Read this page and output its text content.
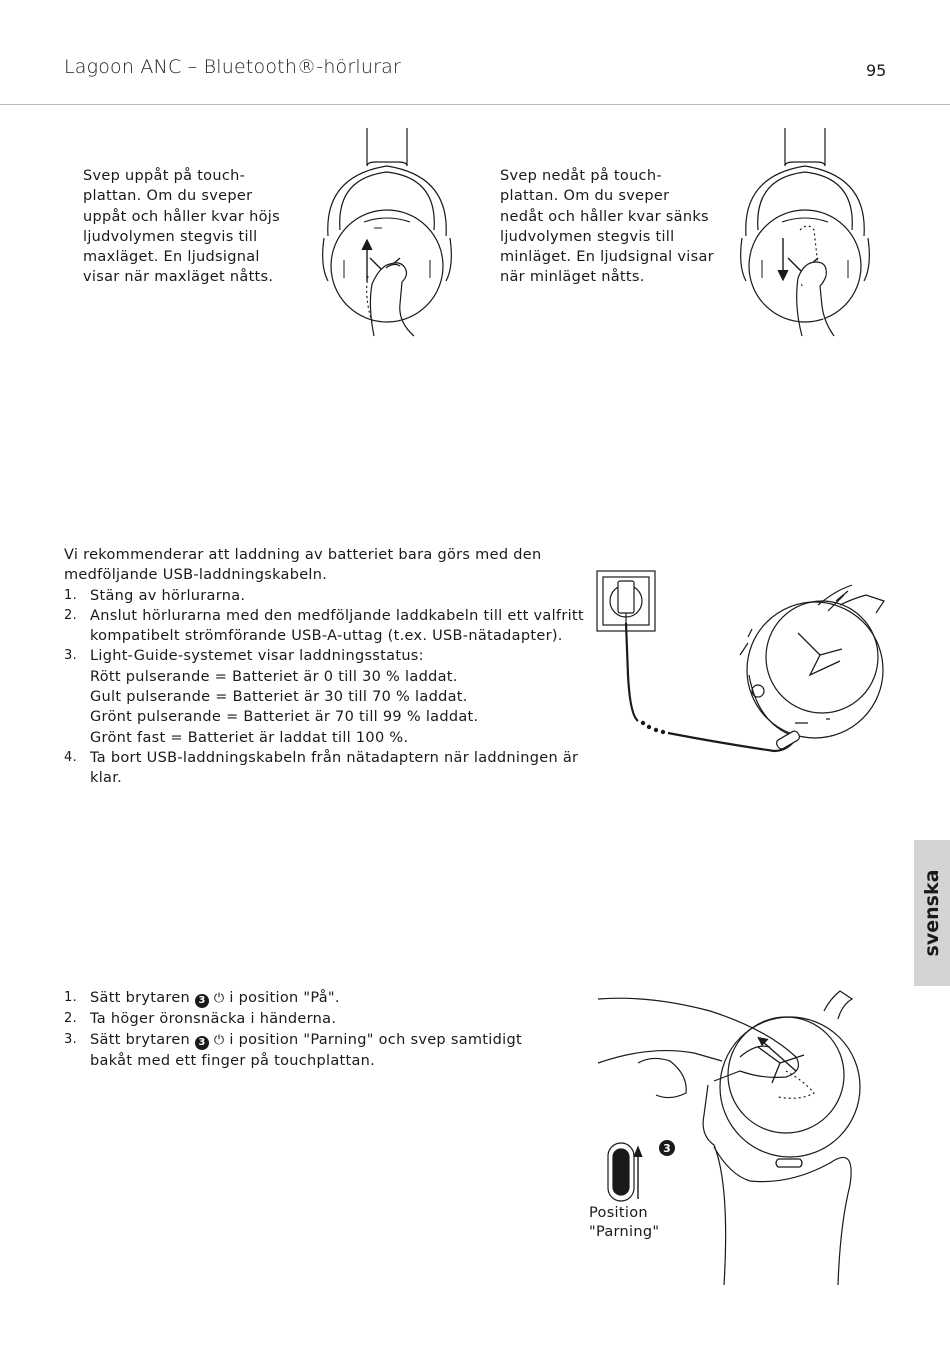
Lagoon ANC – Bluetooth®-hörlurar	95
Svep uppåt på touch-plattan. Om du sveper uppåt och håller kvar höjs ljudvolymen stegvis till maxläget. En ljudsignal visar när maxläget nåtts.
Svep nedåt på touch-plattan. Om du sveper nedåt och håller kvar sänks ljudvolymen stegvis till minläget. En ljudsignal visar när minläget nåtts.
Vi rekommenderar att laddning av batteriet bara görs med den medföljande USB-laddningskabeln.
1. Stäng av hörlurarna.
2. Anslut hörlurarna med den medföljande laddkabeln till ett valfritt kompatibelt strömförande USB-A-uttag (t.ex. USB-nätadapter).
3. Light-Guide-systemet visar laddningsstatus:
Rött pulserande = Batteriet är 0 till 30 % laddat.
Gult pulserande = Batteriet är 30 till 70 % laddat.
Grönt pulserande = Batteriet är 70 till 99 % laddat.
Grönt fast = Batteriet är laddat till 100 %.
4. Ta bort USB-laddningskabeln från nätadaptern när laddningen är klar.
svenska
1. Sätt brytaren 3 ⏻ i position "På".
2. Ta höger öronsnäcka i händerna.
3. Sätt brytaren 3 ⏻ i position "Parning" och svep samtidigt bakåt med ett finger på touchplattan.
3
Position
"Parning"
